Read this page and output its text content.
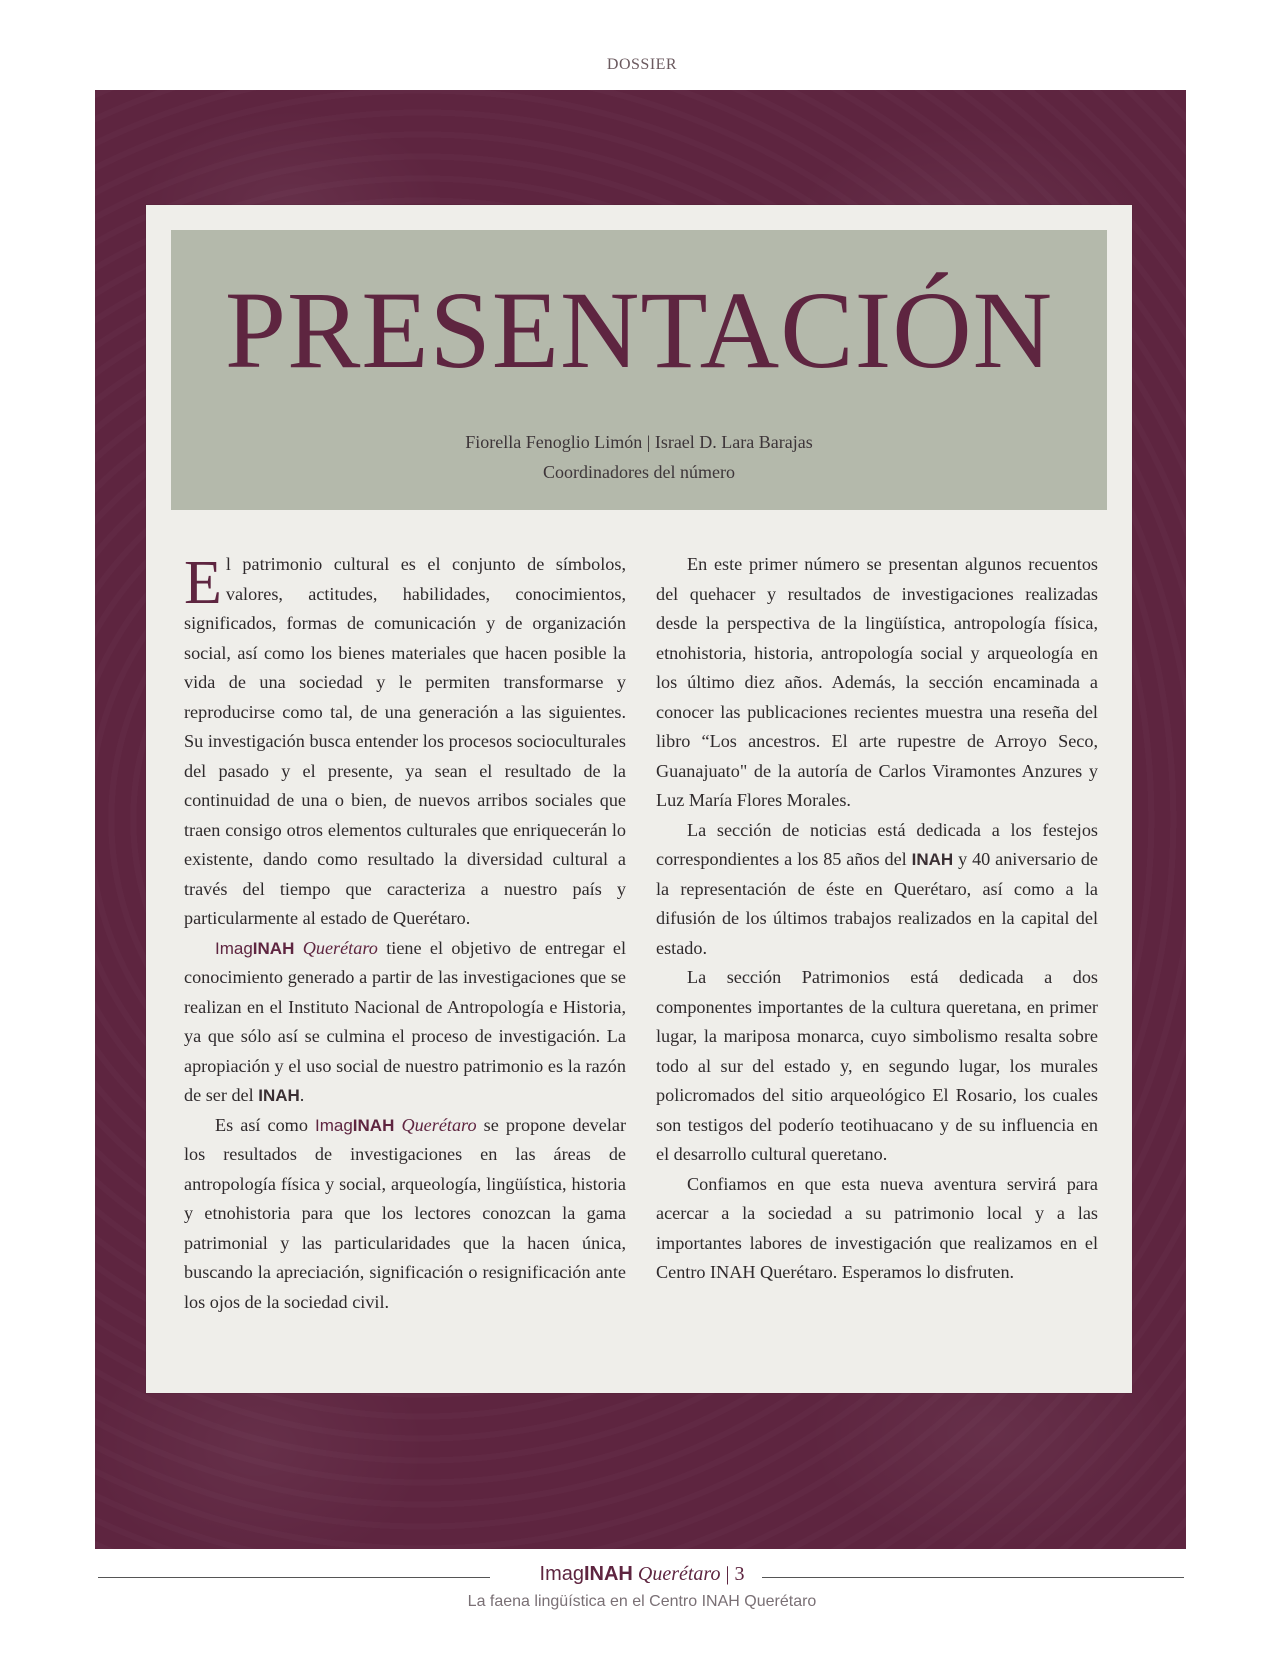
DOSSIER
PRESENTACIÓN
Fiorella Fenoglio Limón | Israel D. Lara Barajas
Coordinadores del número

El patrimonio cultural es el conjunto de símbolos, valores, actitudes, habilidades, conocimientos, significados, formas de comunicación y de organización social, así como los bienes materiales que hacen posible la vida de una sociedad y le permiten transformarse y reproducirse como tal, de una generación a las siguientes. Su investigación busca entender los procesos socioculturales del pasado y el presente, ya sean el resultado de la continuidad de una o bien, de nuevos arribos sociales que traen consigo otros elementos culturales que enriquecerán lo existente, dando como resultado la diversidad cultural a través del tiempo que caracteriza a nuestro país y particularmente al estado de Querétaro.

ImagINAH Querétaro tiene el objetivo de entregar el conocimiento generado a partir de las investigaciones que se realizan en el Instituto Nacional de Antropología e Historia, ya que sólo así se culmina el proceso de investigación. La apropiación y el uso social de nuestro patrimonio es la razón de ser del INAH.

Es así como ImagINAH Querétaro se propone develar los resultados de investigaciones en las áreas de antropología física y social, arqueología, lingüística, historia y etnohistoria para que los lectores conozcan la gama patrimonial y las particularidades que la hacen única, buscando la apreciación, significación o resignificación ante los ojos de la sociedad civil.

En este primer número se presentan algunos recuentos del quehacer y resultados de investigaciones realizadas desde la perspectiva de la lingüística, antropología física, etnohistoria, historia, antropología social y arqueología en los último diez años. Además, la sección encaminada a conocer las publicaciones recientes muestra una reseña del libro “Los ancestros. El arte rupestre de Arroyo Seco, Guanajuato" de la autoría de Carlos Viramontes Anzures y Luz María Flores Morales.

La sección de noticias está dedicada a los festejos correspondientes a los 85 años del INAH y 40 aniversario de la representación de éste en Querétaro, así como a la difusión de los últimos trabajos realizados en la capital del estado.

La sección Patrimonios está dedicada a dos componentes importantes de la cultura queretana, en primer lugar, la mariposa monarca, cuyo simbolismo resalta sobre todo al sur del estado y, en segundo lugar, los murales policromados del sitio arqueológico El Rosario, los cuales son testigos del poderío teotihuacano y de su influencia en el desarrollo cultural queretano.

Confiamos en que esta nueva aventura servirá para acercar a la sociedad a su patrimonio local y a las importantes labores de investigación que realizamos en el Centro INAH Querétaro. Esperamos lo disfruten.

ImagINAH Querétaro | 3
La faena lingüística en el Centro INAH Querétaro
